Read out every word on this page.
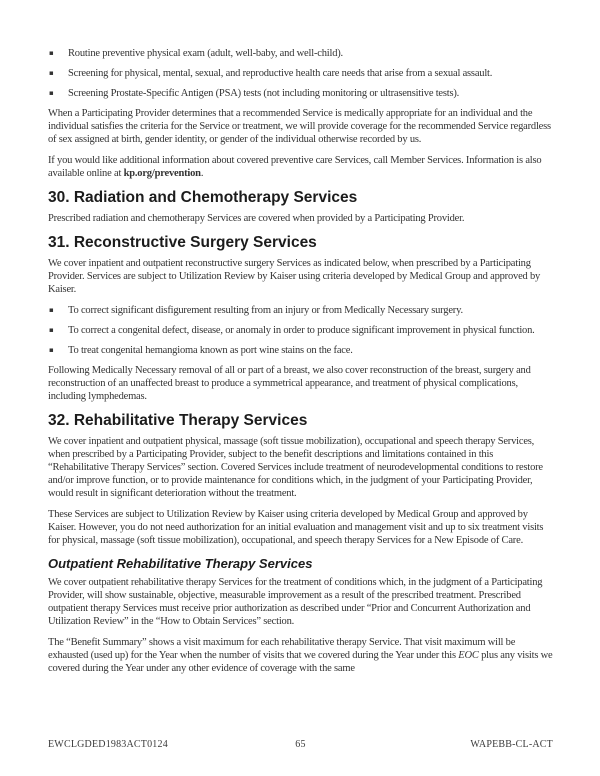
▪	Routine preventive physical exam (adult, well-baby, and well-child).
▪	Screening for physical, mental, sexual, and reproductive health care needs that arise from a sexual assault.
▪	Screening Prostate-Specific Antigen (PSA) tests (not including monitoring or ultrasensitive tests).

When a Participating Provider determines that a recommended Service is medically appropriate for an individual and the individual satisfies the criteria for the Service or treatment, we will provide coverage for the recommended Service regardless of sex assigned at birth, gender identity, or gender of the individual otherwise recorded by us.

If you would like additional information about covered preventive care Services, call Member Services. Information is also available online at kp.org/prevention.

30. Radiation and Chemotherapy Services

Prescribed radiation and chemotherapy Services are covered when provided by a Participating Provider.

31. Reconstructive Surgery Services

We cover inpatient and outpatient reconstructive surgery Services as indicated below, when prescribed by a Participating Provider. Services are subject to Utilization Review by Kaiser using criteria developed by Medical Group and approved by Kaiser.

▪	To correct significant disfigurement resulting from an injury or from Medically Necessary surgery.
▪	To correct a congenital defect, disease, or anomaly in order to produce significant improvement in physical function.
▪	To treat congenital hemangioma known as port wine stains on the face.

Following Medically Necessary removal of all or part of a breast, we also cover reconstruction of the breast, surgery and reconstruction of an unaffected breast to produce a symmetrical appearance, and treatment of physical complications, including lymphedemas.

32. Rehabilitative Therapy Services

We cover inpatient and outpatient physical, massage (soft tissue mobilization), occupational and speech therapy Services, when prescribed by a Participating Provider, subject to the benefit descriptions and limitations contained in this “Rehabilitative Therapy Services” section. Covered Services include treatment of neurodevelopmental conditions to restore and/or improve function, or to provide maintenance for conditions which, in the judgment of your Participating Provider, would result in significant deterioration without the treatment.

These Services are subject to Utilization Review by Kaiser using criteria developed by Medical Group and approved by Kaiser. However, you do not need authorization for an initial evaluation and management visit and up to six treatment visits for physical, massage (soft tissue mobilization), occupational, and speech therapy Services for a New Episode of Care.

Outpatient Rehabilitative Therapy Services

We cover outpatient rehabilitative therapy Services for the treatment of conditions which, in the judgment of a Participating Provider, will show sustainable, objective, measurable improvement as a result of the prescribed treatment. Prescribed outpatient therapy Services must receive prior authorization as described under “Prior and Concurrent Authorization and Utilization Review” in the “How to Obtain Services” section.

The “Benefit Summary” shows a visit maximum for each rehabilitative therapy Service. That visit maximum will be exhausted (used up) for the Year when the number of visits that we covered during the Year under this EOC plus any visits we covered during the Year under any other evidence of coverage with the same

EWCLGDED1983ACT0124	65	WAPEBB-CL-ACT
